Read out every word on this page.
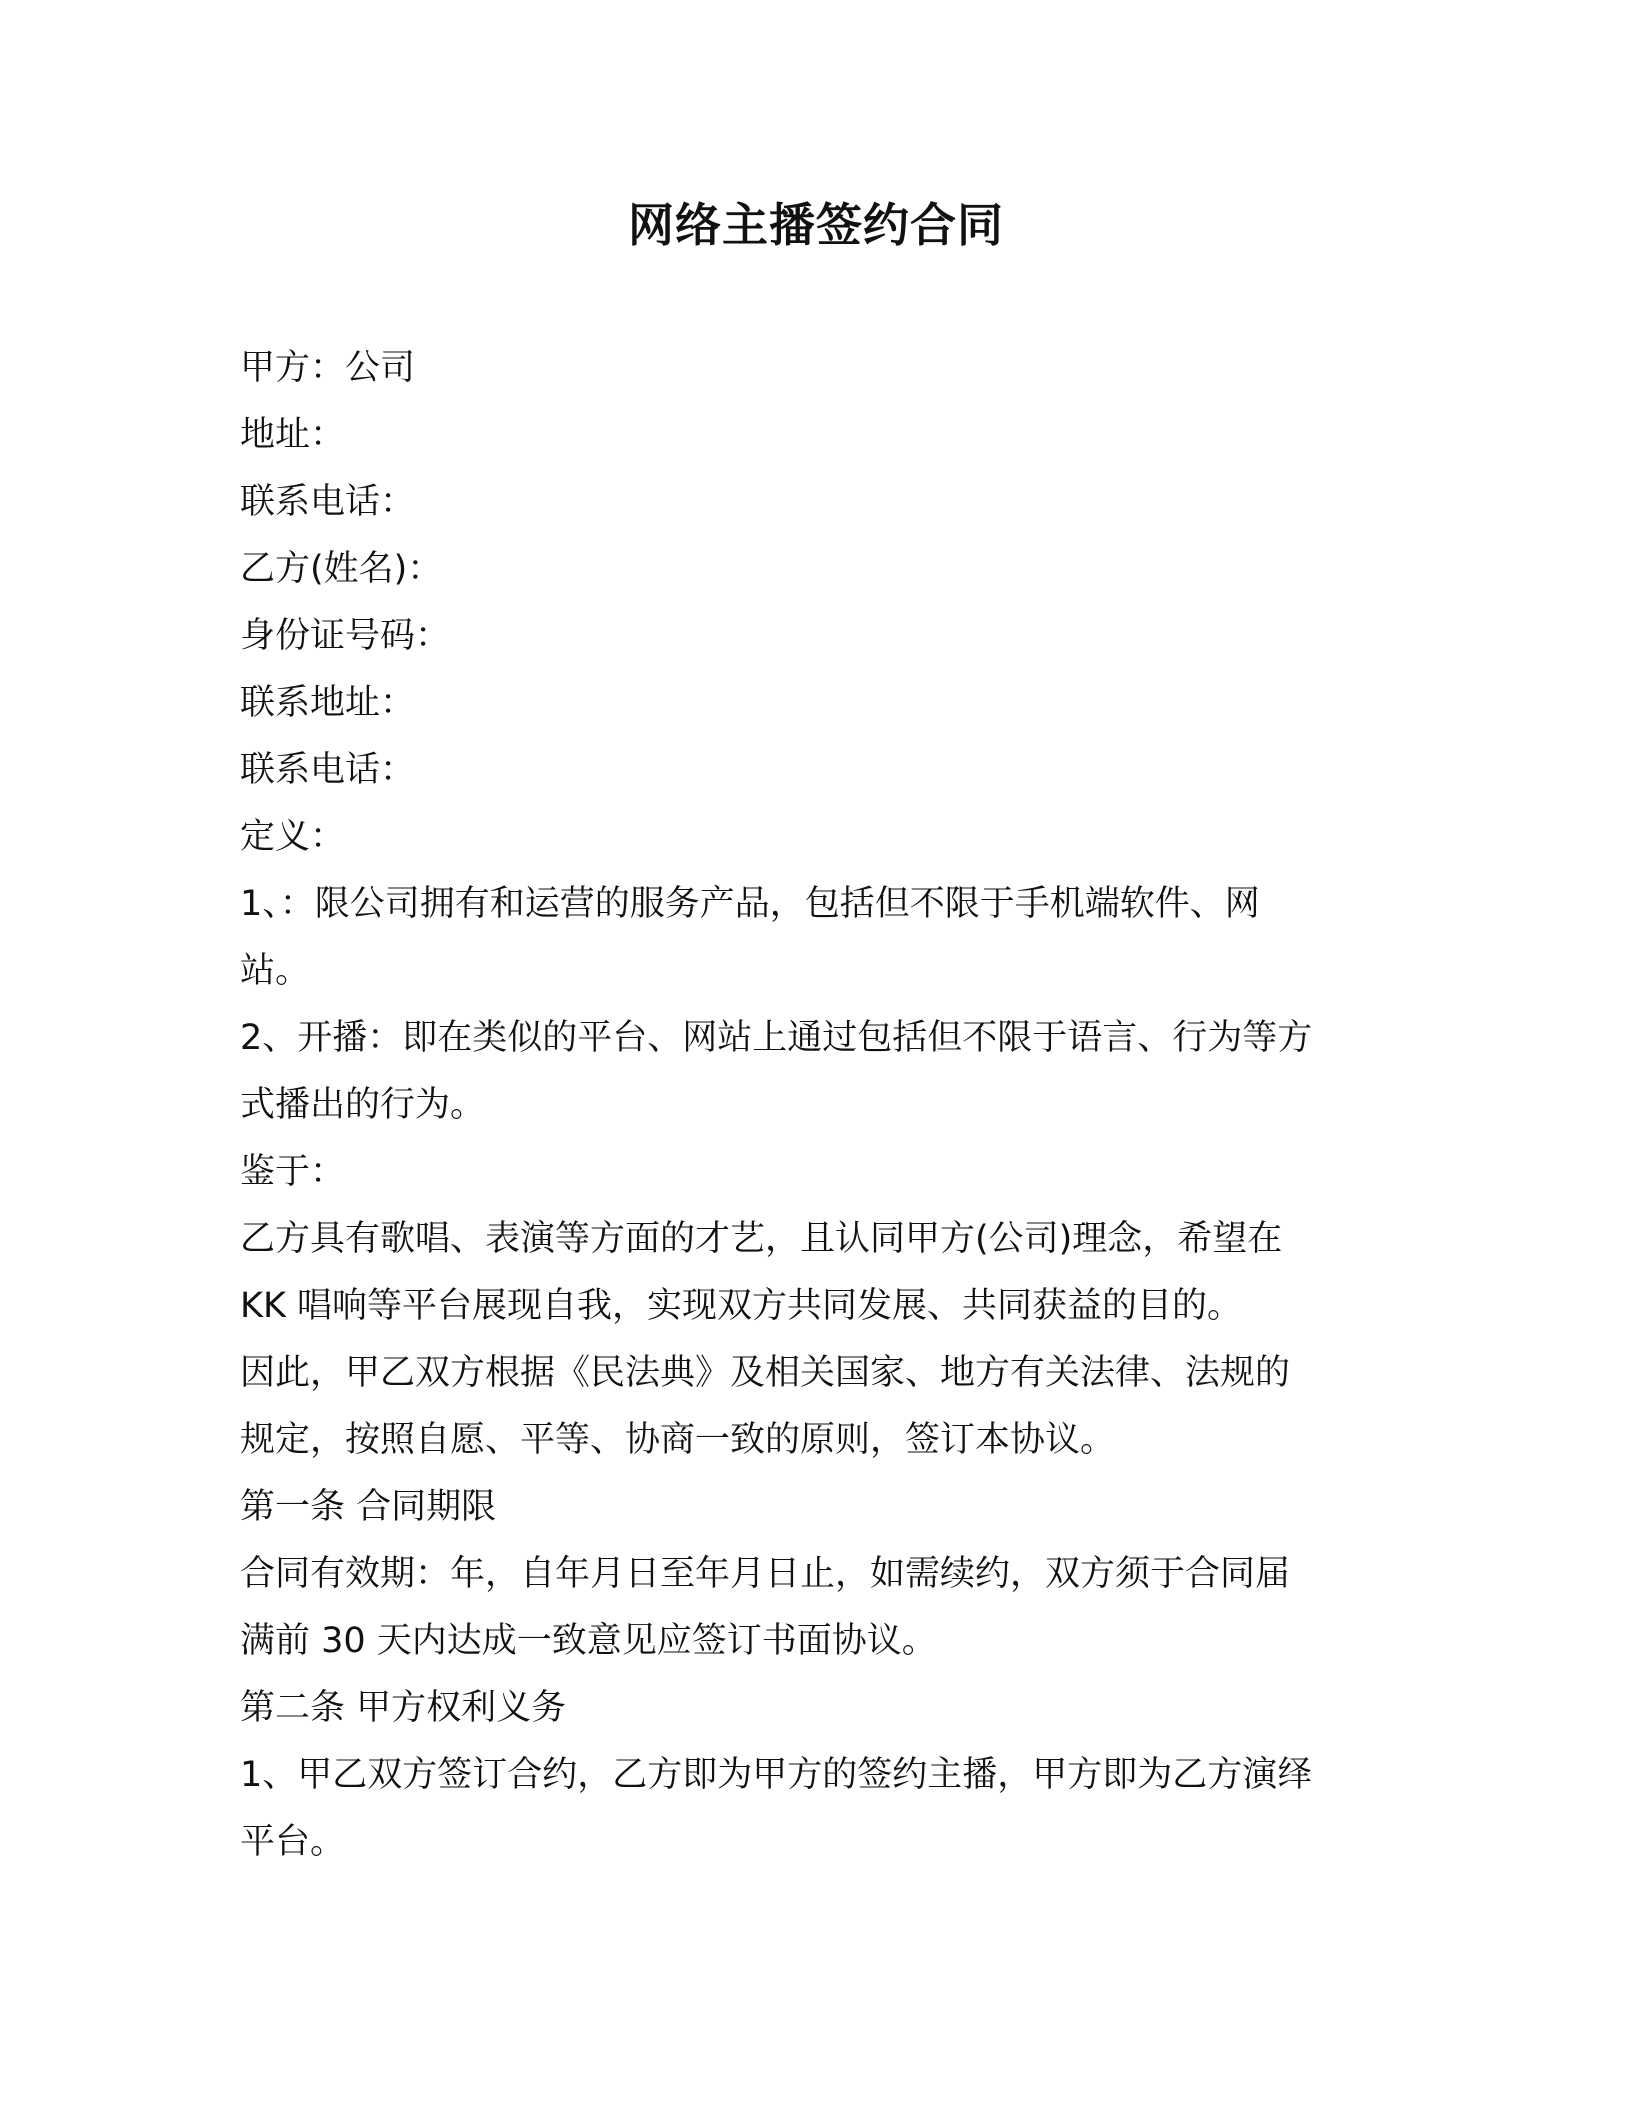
网络主播签约合同

甲方：公司

地址：

联系电话：

乙方(姓名)：

身份证号码：

联系地址：

联系电话：

定义：

1、：限公司拥有和运营的服务产品，包括但不限于手机端软件、网

站。

2、开播：即在类似的平台、网站上通过包括但不限于语言、行为等方

式播出的行为。

鉴于：

乙方具有歌唱、表演等方面的才艺，且认同甲方(公司)理念，希望在

KK 唱响等平台展现自我，实现双方共同发展、共同获益的目的。

因此，甲乙双方根据《民法典》及相关国家、地方有关法律、法规的

规定，按照自愿、平等、协商一致的原则，签订本协议。

第一条 合同期限

合同有效期：年，自年月日至年月日止，如需续约，双方须于合同届

满前 30 天内达成一致意见应签订书面协议。

第二条 甲方权利义务

1、甲乙双方签订合约，乙方即为甲方的签约主播，甲方即为乙方演绎

平台。
